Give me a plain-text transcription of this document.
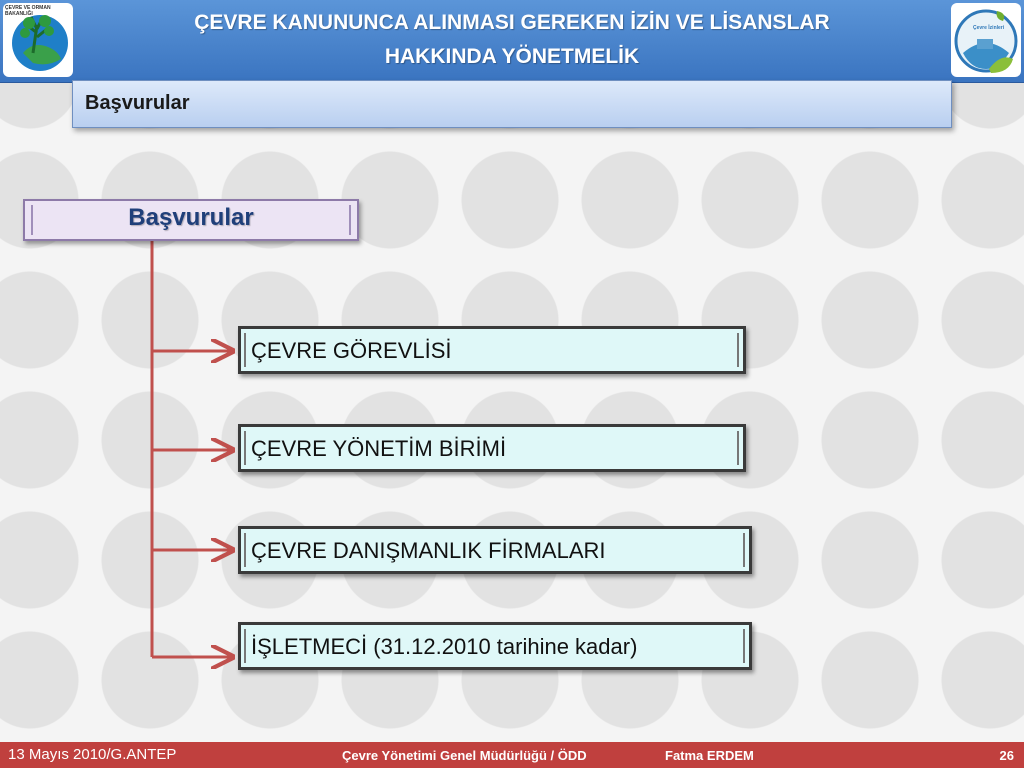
ÇEVRE VE ORMAN
BAKANLIĞI	ÇEVRE KANUNUNCA ALINMASI GEREKEN İZİN VE LİSANSLAR
HAKKINDA YÖNETMELİK
Çevre İzinleri
Başvurular
Başvurular
ÇEVRE GÖREVLİSİ
ÇEVRE YÖNETİM BİRİMİ
ÇEVRE DANIŞMANLIK FİRMALARI
İŞLETMECİ (31.12.2010 tarihine kadar)
13 Mayıs 2010/G.ANTEP	Çevre Yönetimi Genel Müdürlüğü / ÖDD	Fatma ERDEM	26
